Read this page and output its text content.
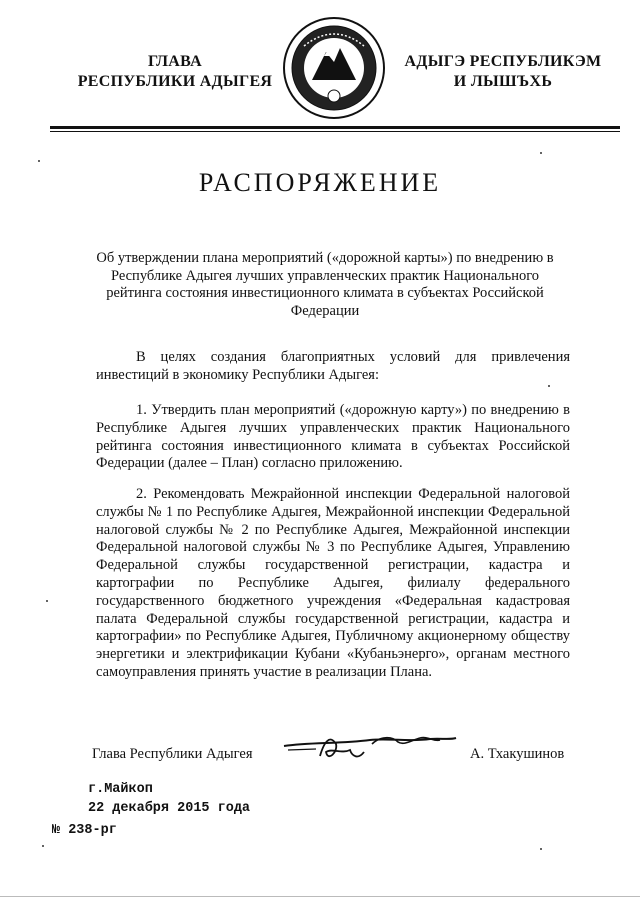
ГЛАВА
РЕСПУБЛИКИ АДЫГЕЯ
АДЫГЭ РЕСПУБЛИКЭМ
И ЛЫШЪХЬ
РАСПОРЯЖЕНИЕ
Об утверждении плана мероприятий («дорожной карты») по внедрению в Республике Адыгея лучших управленческих практик Национального рейтинга состояния инвестиционного климата в субъектах Российской Федерации
В целях создания благоприятных условий для привлечения инвестиций в экономику Республики Адыгея:
1. Утвердить план мероприятий («дорожную карту») по внедрению в Республике Адыгея лучших управленческих практик Национального рейтинга состояния инвестиционного климата в субъектах Российской Федерации (далее – План) согласно приложению.
2. Рекомендовать Межрайонной инспекции Федеральной налоговой службы № 1 по Республике Адыгея, Межрайонной инспекции Федеральной налоговой службы № 2 по Республике Адыгея, Межрайонной инспекции Федеральной налоговой службы № 3 по Республике Адыгея, Управлению Федеральной службы государственной регистрации, кадастра и картографии по Республике Адыгея, филиалу федерального государственного бюджетного учреждения «Федеральная кадастровая палата Федеральной службы государственной регистрации, кадастра и картографии» по Республике Адыгея, Публичному акционерному обществу энергетики и электрификации Кубани «Кубаньэнерго», органам местного самоуправления принять участие в реализации Плана.
Глава Республики Адыгея	А. Тхакушинов
г.Майкоп
22 декабря 2015 года
№ 238-рг
